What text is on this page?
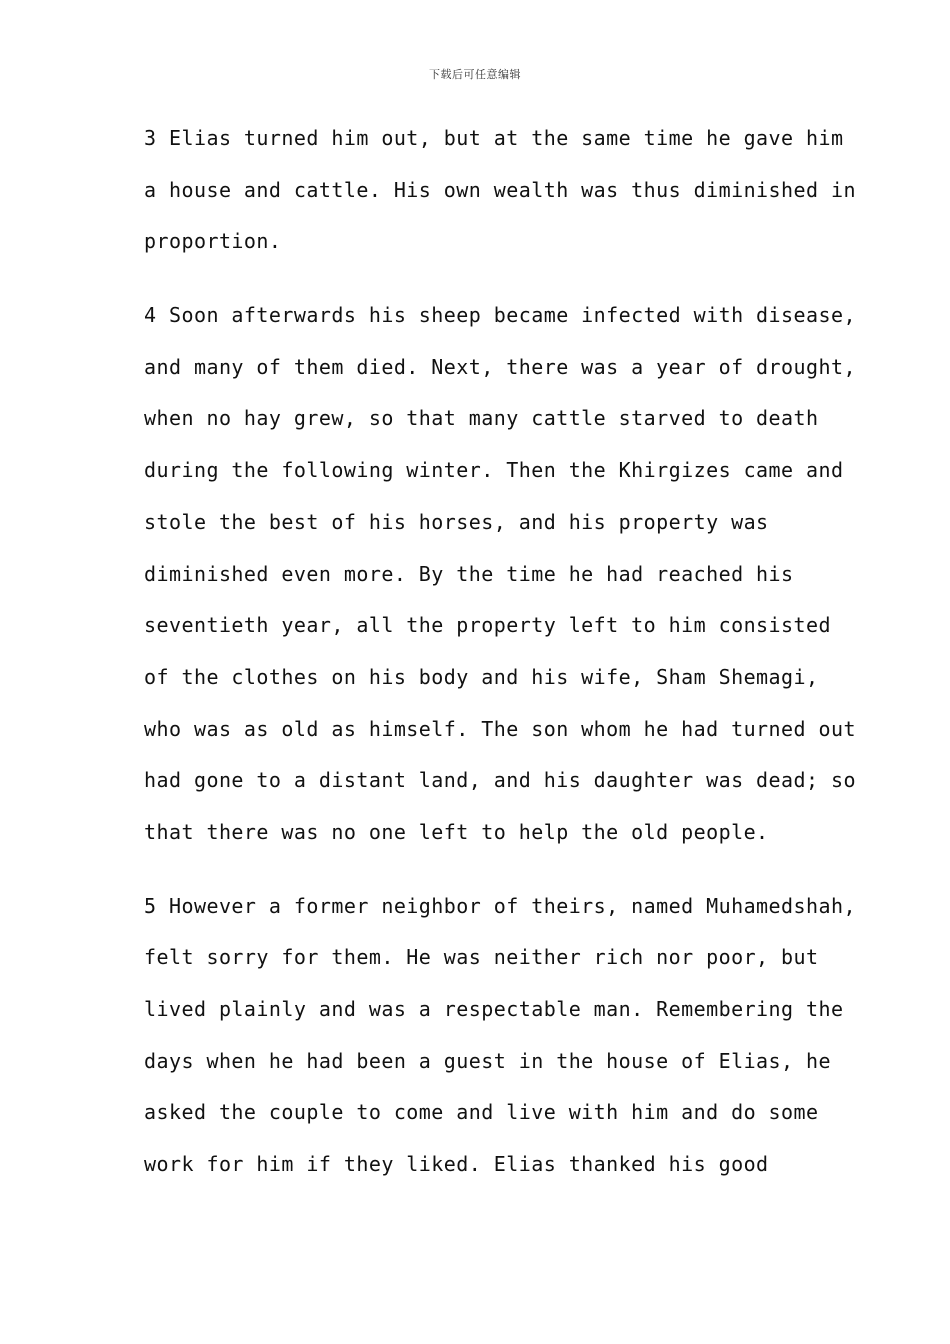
下载后可任意编辑
3 Elias turned him out, but at the same time he gave him
a house and cattle. His own wealth was thus diminished in
proportion.
4 Soon afterwards his sheep became infected with disease,
and many of them died. Next, there was a year of drought,
when no hay grew, so that many cattle starved to death
during the following winter. Then the Khirgizes came and
stole the best of his horses, and his property was
diminished even more. By the time he had reached his
seventieth year, all the property left to him consisted
of the clothes on his body and his wife, Sham Shemagi,
who was as old as himself. The son whom he had turned out
had gone to a distant land, and his daughter was dead; so
that there was no one left to help the old people.
5 However a former neighbor of theirs, named Muhamedshah,
felt sorry for them. He was neither rich nor poor, but
lived plainly and was a respectable man. Remembering the
days when he had been a guest in the house of Elias, he
asked the couple to come and live with him and do some
work for him if they liked. Elias thanked his good
